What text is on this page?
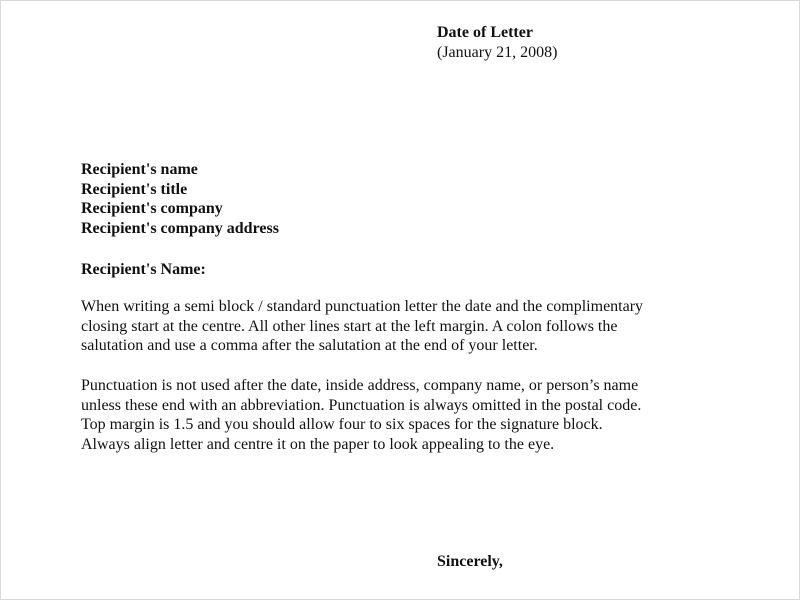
Date of Letter
(January 21, 2008)
Recipient's name
Recipient's title
Recipient's company
Recipient's company address
Recipient's Name:
When writing a semi block / standard punctuation letter the date and the complimentary
closing start at the centre. All other lines start at the left margin. A colon follows the
salutation and use a comma after the salutation at the end of your letter.
Punctuation is not used after the date, inside address, company name, or person’s name
unless these end with an abbreviation. Punctuation is always omitted in the postal code.
Top margin is 1.5 and you should allow four to six spaces for the signature block.
Always align letter and centre it on the paper to look appealing to the eye.
Sincerely,
